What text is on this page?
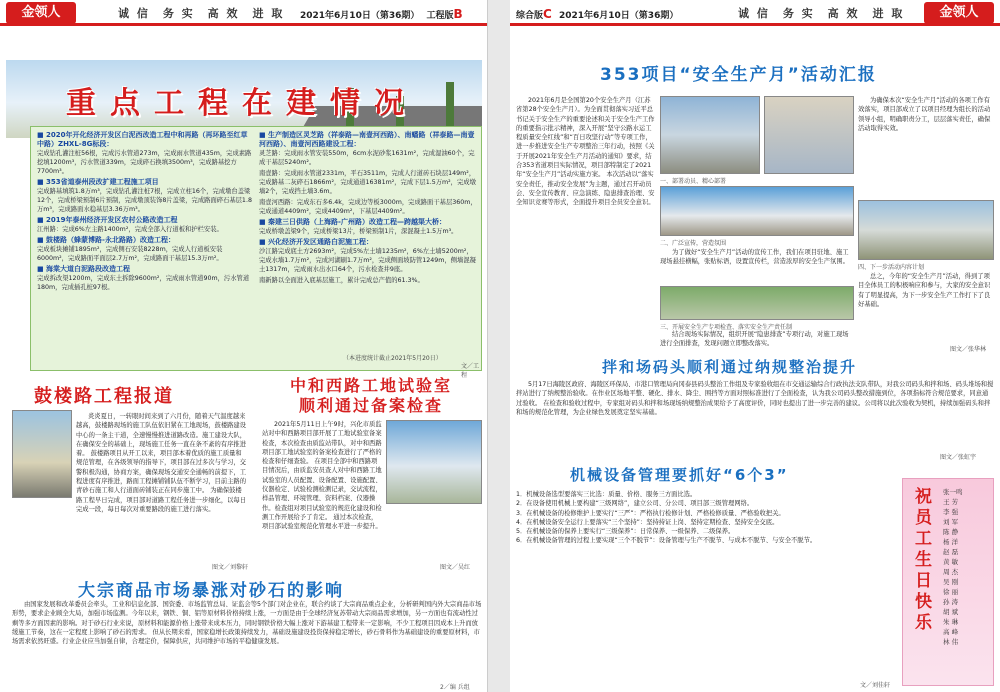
金领人	诚 信　务 实　高 效　进 取 2021年6月10日（第36期） 工程版B
重点工程在建情况

■ 2020年开化经济开发区白泥西改造工程中和再路（再环路至红草中路）ZHXL-8G标段：
完成钻孔灌注桩56根，完成污水管道273m，完成雨水管道435m，完成素路挖填1200m³，污水管道339m，完成碎石换填3500m³，完成路基挖方7700m³。

■ 353省道泰州段改扩建工程施工项目
完成路基填筑1.8万m³，完成钻孔灌注桩7根，完成立柱16个，完成墩台盖梁12个，完成桥梁预制6片预制，完成墩顶装饰8片盖梁，完成路面碎石基层1.8万m³，完成路面水稳基层3.36万m³。

■ 2019年泰州经济开发区农村公路改造工程
江州路：完成6%左主路1400m²，完成全部入行道板和护栏安装。

■ 鼓楼路（蜂蒙博路-永北路路）改造工程：
完成板块摊铺1895m²，完成侧石安装8228m，完成人行道板安装6000m²，完成路面平面层2.7万m²，完成路面干基层15.3万m²。

■ 海棠大道白泥路段改造工程
完成拆改渠1200m，完成东土拆除9600m²，完成雨水管道90m，污水管道180m，完成插孔桩97根。

■ 生产制造区灵芝路（祥泰路—南壹河西路）、南蟠路（祥泰路—南壹河西路）、南壹河西路建设工程：
灵芝路：完成雨水管安装550m，6cm水泥砂浆1631m²，完成湿油60个，完成干基层5240m²。

南壹路：完成雨水管道2331m，平石3511m，完成人行道砖石块层149m²，完成路基二灰碎石1866m²，完成通道16381m²，完成下层1.5万m²，完成墩墙2个，完成挡土墙3.6m。

南壹河西路：完成东石多6.4k，完成边等板3000m，完成路面干基层360m，完成通道4409m²，完成4409m²，下基层4409m²。

■ 秦建三日供路（上海路-广州路）改造工程—跨越渠大桥：
完成桥墩盖梁9个，完成桥梁13片，桥梁预制1片，深混凝土1.5万m³。

■ 兴化经济开发区通路白泥施工程：
沙江路完成底土方2693m²，完成5%左土墙1235m²，6%左土墙5200m²，完成水墙1.7万m²，完成河湖刷1.7万m²，完成侧面坡防管1249m，侧墙混凝土1317m，完成雨水出水口64个，污水检查井9座。

南新路以全面进入底基层施工，累计完成总产值的61.3%。

（本进度统计截止2021年5月20日）
文／工程
鼓楼路工程报道
炎炎夏日，一转眼时间来到了六月份，随着天气温度越来越高，鼓楼路现场的施工队伍依旧紧在工地现场，鼓楼路建设中心的一条主干道，全速慢慢推进道路改造。施工建设大队，在确保安全的基础上，现场施工任务一直在条不紊的有序推进着。 鼓楼路项目从开工以来，项目部本着优质的施工质量和规范管理，在各级领导的指导下，项目部在过多次与学习，交警积极沟通，协商方案，确保现场交通安全通畅的前提下，工程进度有序推进，路面工程摊铺铺队伍不断学习，目前主路的青砂石施工和人行道面砖铺装正在同步施工中。 为确保鼓楼路工程早日完成，项目部对道路工程任务进一步细化，以每日完成一段，每日每次对重要路段的施工进行落实。
图文／刘黎轩
中和西路工地试验室
顺利通过备案检查
2021年5月11日上午9时，兴化市质监站对中和西路项目部开展了工地试验室备案检查，本次检查由质监站带队，对中和西路项目部工地试验室的备案检查进行了严格的检查和仔细查验。 在项目全部中和西路项目情况后，由质监安员查人对中和西路工地试验室的人员配置、设备配置、设施配置、仪器检定、试验检测检测记录，交试流程，样品管理、环境管理、资料档案、仪器操作。检查组对项目试验室的规范化建设和检测工作开展给予了肯定。 通过本次检查，项目部试验室规范化管理水平进一步提升。
图文／吴红
大宗商品市场暴涨对砂石的影响
由国家发展和改革委员会牵头，工业和信息化部、国资委、市场监管总局、证监会等5个部门对企业在，联合约谈了大宗商品重点企业，分析研判国内外大宗商品市场形势，要求企业顾全大局，加强市场监测。今年以来，钢铁、铜、铝等原材料价格持续上涨，一方面是由于全球经济复苏带动大宗商品需求增加，另一方面也有流动性过剩等多方面因素的影响。对于砂石行业来说，原材料和能源价格上涨带来成本压力，同时钢铁价格大幅上涨对下游基建工程带来一定影响，不少工程项目因成本上升而放缓施工节奏，这在一定程度上影响了砂石的需求。 但从长期来看，国家稳增长政策持续发力，基础设施建设投资保持稳定增长，砂石骨料作为基础建设的重要原材料，市场需求依然旺盛。行业企业应当加强自律，合理定价，保障供应，共同维护市场的平稳健康发展。
2／编 兵组
综合版C 2021年6月10日（第36期）	诚 信　务 实　高 效　进 取	金领人
353项目“安全生产月”活动汇报
2021年6月是全国第20个安全生产月（江苏省第28个安全生产月）。为全面贯彻落实习近平总书记关于安全生产的重要论述和关于安全生产工作的重要指示批示精神，深入开展“坚守公路水运工程质量安全红线”和“百日攻坚行动”等专项工作，进一步推进安全生产专项整治三年行动，按照《关于开展2021年安全生产月活动的通知》要求，结合353省道项目实际情况，项目部特制定了2021年“安全生产月”活动实施方案。 本次活动以“落实安全责任，推动安全发展”为主题，通过召开动员会、安全宣传教育、应急演练、隐患排查治理、安全知识竞赛等形式，全面提升项目全员安全意识。
一、部署动员、精心部署
二、广泛宣传，营造氛围
为了做好“安全生产月”活动的宣传工作，我们在项目驻地、施工现场悬挂横幅，张贴标语，设置宣传栏，营造浓厚的安全生产氛围。
三、开展安全生产专项检查、落实安全生产责任制
结合现场实际情况，组织开展“隐患排查”专项行动，对施工现场进行全面排查，发现问题立即整改落实。
为确保本次“安全生产月”活动的各项工作有效落实，项目部成立了以项目经理为组长的活动领导小组，明确职责分工，层层落实责任，确保活动取得实效。
四、下一步活动内容计划
总之，今年的“安全生产月”活动，得到了项目全体员工的积极响应和参与，大家的安全意识有了明显提高，为下一步安全生产工作打下了良好基础。
图文／张华林
拌和场码头顺利通过纳规整治提升
5月17日海陵区政府、海陵区环保局、市港口管理局向冈泰县码头整治工作组及专家验收组在市交通运输综合行政执法支队带队，对我公司码头和拌和场、码头堆场和搅拌站进行了纳规整治验收。在作业区场地平整、硬化、排水、降尘、围挡等方面对照标准进行了全面检查，认为我公司码头整改措施到位，各项指标符合规范要求，同意通过验收。 在检查和验收过程中，专家组对码头和拌和场现场纳规整治成果给予了高度评价，同时也提出了进一步完善的建议。公司将以此次验收为契机，持续加强码头和拌和场的规范化管理，为企业绿色发展奠定坚实基础。
图文／张虹宇
机械设备管理要抓好“6个3”
1．机械设备选型要落实三比选：质量、价格、服务三方面比选。
2．在设备使用机械上要构建“三级网络”，建立公司、分公司、项目部三级管理网络。
3．在机械设备的检修维护上要实行“三严”：严格执行检修计划、严格检修质量、严格验收把关。
4．在机械设备安全运行上要落实“三个坚持”：坚持持证上岗、坚持定期检查、坚持安全交底。
5．在机械设备的保养上要实行“三级保养”：日常保养、一级保养、二级保养。
6．在机械设备管理的过程上要实现“三个不脱节”：设备管理与生产不脱节、与成本不脱节、与安全不脱节。
文／刘佳轩
祝员工生日快乐
张一鸣
王 芳
李 强
刘 军
陈 静
杨 洋
赵 磊
黄 敏
周 杰
吴 刚
徐 丽
孙 涛
胡 斌
朱 琳
高 峰
林 伟
